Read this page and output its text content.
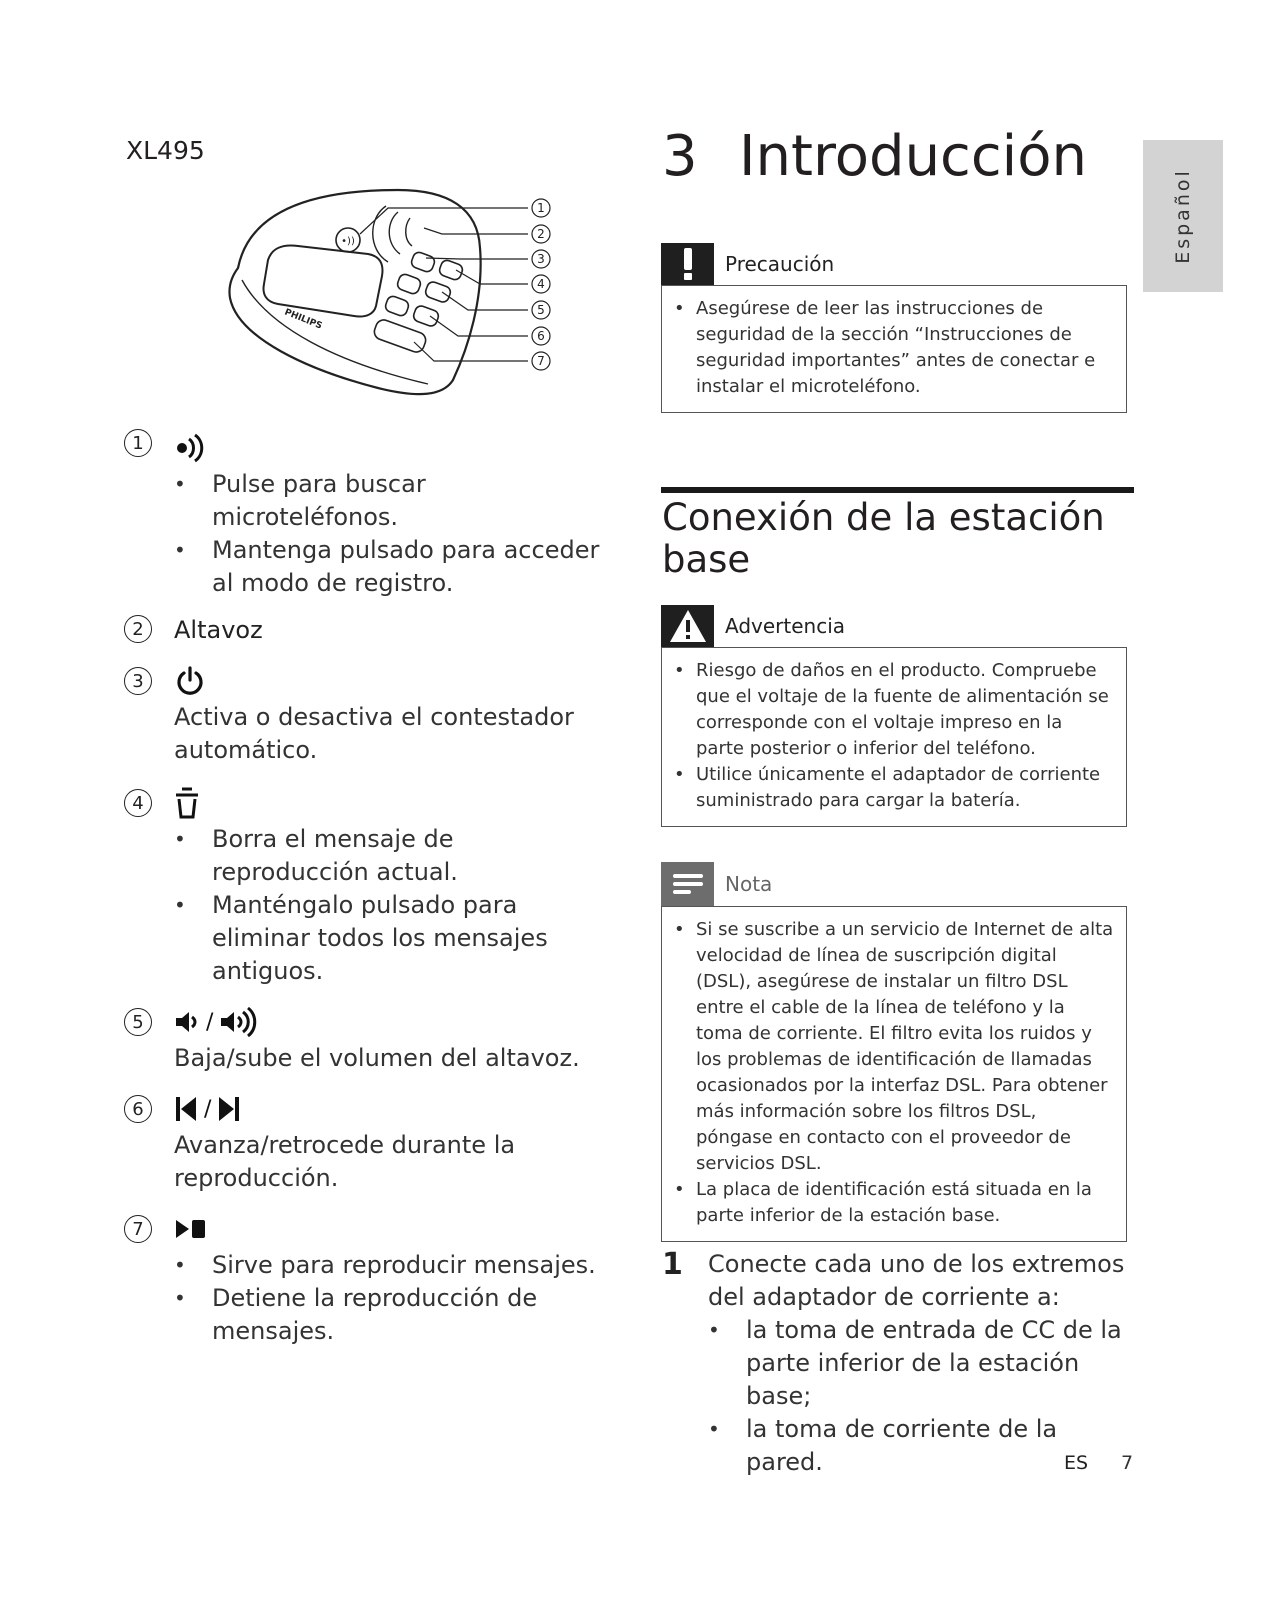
XL495
•))
PHILIPS
1
2
3
4
5
6
7
1
• Pulse para buscar microteléfonos.
• Mantenga pulsado para acceder al modo de registro.
2	Altavoz
3

Activa o desactiva el contestador automático.

4
• Borra el mensaje de reproducción actual.
• Manténgalo pulsado para eliminar todos los mensajes antiguos.
5	/

Baja/sube el volumen del altavoz.

6	/

Avanza/retrocede durante la reproducción.

7
• Sirve para reproducir mensajes.
• Detiene la reproducción de mensajes.
3 Introducción
Español
Precaución
• Asegúrese de leer las instrucciones de seguridad de la sección “Instrucciones de seguridad importantes” antes de conectar e instalar el microteléfono.
Conexión de la estación base
Advertencia
• Riesgo de daños en el producto. Compruebe que el voltaje de la fuente de alimentación se corresponde con el voltaje impreso en la parte posterior o inferior del teléfono.
• Utilice únicamente el adaptador de corriente suministrado para cargar la batería.
Nota
• Si se suscribe a un servicio de Internet de alta velocidad de línea de suscripción digital (DSL), asegúrese de instalar un filtro DSL entre el cable de la línea de teléfono y la toma de corriente. El filtro evita los ruidos y los problemas de identificación de llamadas ocasionados por la interfaz DSL. Para obtener más información sobre los filtros DSL, póngase en contacto con el proveedor de servicios DSL.
• La placa de identificación está situada en la parte inferior de la estación base.
1	Conecte cada uno de los extremos del adaptador de corriente a:
• la toma de entrada de CC de la parte inferior de la estación base;
• la toma de corriente de la pared.	ES 7
